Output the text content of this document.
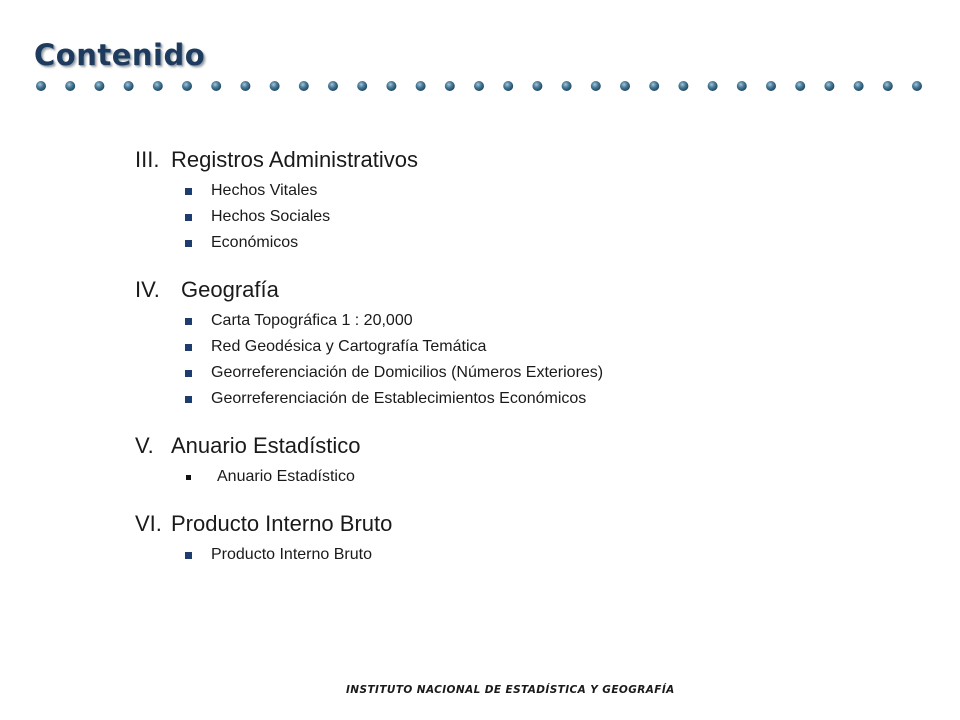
Contenido
III. Registros Administrativos
Hechos Vitales
Hechos Sociales
Económicos
IV. Geografía
Carta Topográfica 1 : 20,000
Red Geodésica y Cartografía Temática
Georreferenciación de Domicilios (Números Exteriores)
Georreferenciación de Establecimientos Económicos
V. Anuario Estadístico
Anuario Estadístico
VI. Producto Interno Bruto
Producto Interno Bruto
INSTITUTO NACIONAL DE ESTADÍSTICA Y GEOGRAFÍA
